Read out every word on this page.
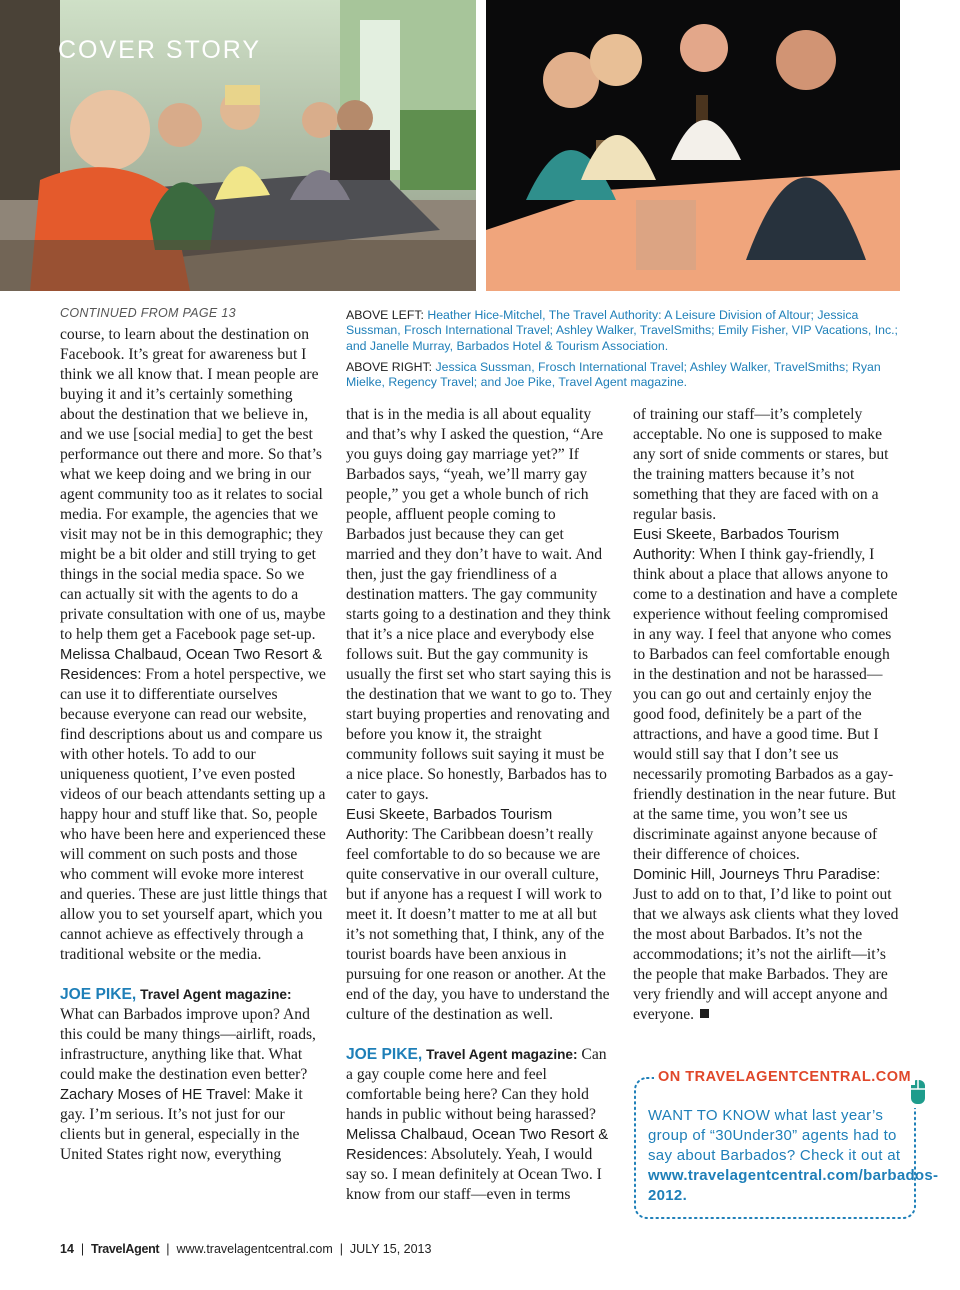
COVER STORY
ABOVE LEFT: Heather Hice-Mitchel, The Travel Authority: A Leisure Division of Altour; Jessica Sussman, Frosch International Travel; Ashley Walker, TravelSmiths; Emily Fisher, VIP Vacations, Inc.; and Janelle Murray, Barbados Hotel & Tourism Association.
ABOVE RIGHT: Jessica Sussman, Frosch International Travel; Ashley Walker, TravelSmiths; Ryan Mielke, Regency Travel; and Joe Pike, Travel Agent magazine.
CONTINUED FROM PAGE 13

course, to learn about the destination on Facebook. It’s great for awareness but I think we all know that. I mean people are buying it and it’s certainly something about the destination that we believe in, and we use [social media] to get the best performance out there and more. So that’s what we keep doing and we bring in our agent community too as it relates to social media. For example, the agencies that we visit may not be in this demographic; they might be a bit older and still trying to get things in the social media space. So we can actually sit with the agents to do a private consultation with one of us, maybe to help them get a Facebook page set-up.

Melissa Chalbaud, Ocean Two Resort & Residences: From a hotel perspective, we can use it to differentiate ourselves because everyone can read our website, find descriptions about us and compare us with other hotels. To add to our uniqueness quotient, I’ve even posted videos of our beach attendants setting up a happy hour and stuff like that. So, people who have been here and experienced these will comment on such posts and those who comment will evoke more interest and queries. These are just little things that allow you to set yourself apart, which you cannot achieve as effectively through a traditional website or the media.

JOE PIKE, Travel Agent magazine: What can Barbados improve upon? And this could be many things—airlift, roads, infrastructure, anything like that. What could make the destination even better?

Zachary Moses of HE Travel: Make it gay. I’m serious. It’s not just for our clients but in general, especially in the United States right now, everything

that is in the media is all about equality and that’s why I asked the question, “Are you guys doing gay marriage yet?” If Barbados says, “yeah, we’ll marry gay people,” you get a whole bunch of rich people, affluent people coming to Barbados just because they can get married and they don’t have to wait. And then, just the gay friendliness of a destination matters. The gay community starts going to a destination and they think that it’s a nice place and everybody else follows suit. But the gay community is usually the first set who start saying this is the destination that we want to go to. They start buying properties and renovating and before you know it, the straight community follows suit saying it must be a nice place. So honestly, Barbados has to cater to gays.

Eusi Skeete, Barbados Tourism Authority: The Caribbean doesn’t really feel comfortable to do so because we are quite conservative in our overall culture, but if anyone has a request I will work to meet it. It doesn’t matter to me at all but it’s not something that, I think, any of the tourist boards have been anxious in pursuing for one reason or another. At the end of the day, you have to understand the culture of the destination as well.

JOE PIKE, Travel Agent magazine: Can a gay couple come here and feel comfortable being here? Can they hold hands in public without being harassed?

Melissa Chalbaud, Ocean Two Resort & Residences: Absolutely. Yeah, I would say so. I mean definitely at Ocean Two. I know from our staff—even in terms

of training our staff—it’s completely acceptable. No one is supposed to make any sort of snide comments or stares, but the training matters because it’s not something that they are faced with on a regular basis.

Eusi Skeete, Barbados Tourism Authority: When I think gay-friendly, I think about a place that allows anyone to come to a destination and have a complete experience without feeling compromised in any way. I feel that anyone who comes to Barbados can feel comfortable enough in the destination and not be harassed—you can go out and certainly enjoy the good food, definitely be a part of the attractions, and have a good time. But I would still say that I don’t see us necessarily promoting Barbados as a gay-friendly destination in the near future. But at the same time, you won’t see us discriminate against anyone because of their difference of choices.

Dominic Hill, Journeys Thru Paradise: Just to add on to that, I’d like to point out that we always ask clients what they loved the most about Barbados. It’s not the accommodations; it’s not the airlift—it’s the people that make Barbados. They are very friendly and will accept anyone and everyone.

ON TRAVELAGENTCENTRAL.COM
WANT TO KNOW what last year’s group of “30Under30” agents had to say about Barbados? Check it out at www.travelagentcentral.com/barbados-2012.
14  |  TravelAgent  |  www.travelagentcentral.com  |  JULY 15, 2013
